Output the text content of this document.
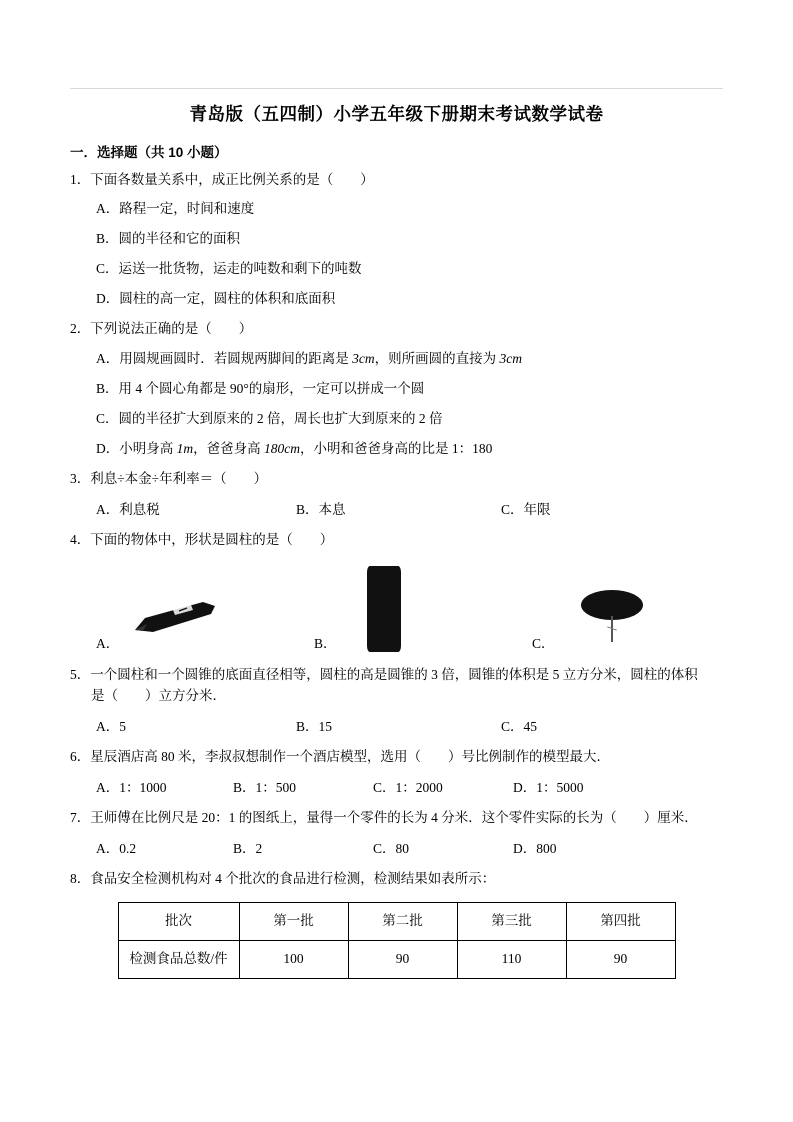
青岛版（五四制）小学五年级下册期末考试数学试卷
一．选择题（共 10 小题）
1．下面各数量关系中，成正比例关系的是（　　）
A．路程一定，时间和速度
B．圆的半径和它的面积
C．运送一批货物，运走的吨数和剩下的吨数
D．圆柱的高一定，圆柱的体积和底面积
2．下列说法正确的是（　　）
A．用圆规画圆时．若圆规两脚间的距离是 3cm，则所画圆的直接为 3cm
B．用 4 个圆心角都是 90°的扇形，一定可以拼成一个圆
C．圆的半径扩大到原来的 2 倍，周长也扩大到原来的 2 倍
D．小明身高 1m，爸爸身高 180cm，小明和爸爸身高的比是 1：180
3．利息÷本金÷年利率＝（　　）
A．利息税	B．本息	C．年限
4．下面的物体中，形状是圆柱的是（　　）
A．	B．	C．
5．一个圆柱和一个圆锥的底面直径相等，圆柱的高是圆锥的 3 倍，圆锥的体积是 5 立方分米，圆柱的体积
是（　　）立方分米．
A．5	B．15	C．45
6．星辰酒店高 80 米，李叔叔想制作一个酒店模型，选用（　　）号比例制作的模型最大．
A．1：1000	B．1：500	C．1：2000	D．1：5000
7．王师傅在比例尺是 20：1 的图纸上，量得一个零件的长为 4 分米．这个零件实际的长为（　　）厘米．
A．0.2	B．2	C．80	D．800
8．食品安全检测机构对 4 个批次的食品进行检测，检测结果如表所示：
批次	第一批	第二批	第三批	第四批
检测食品总数/件	100	90	110	90
